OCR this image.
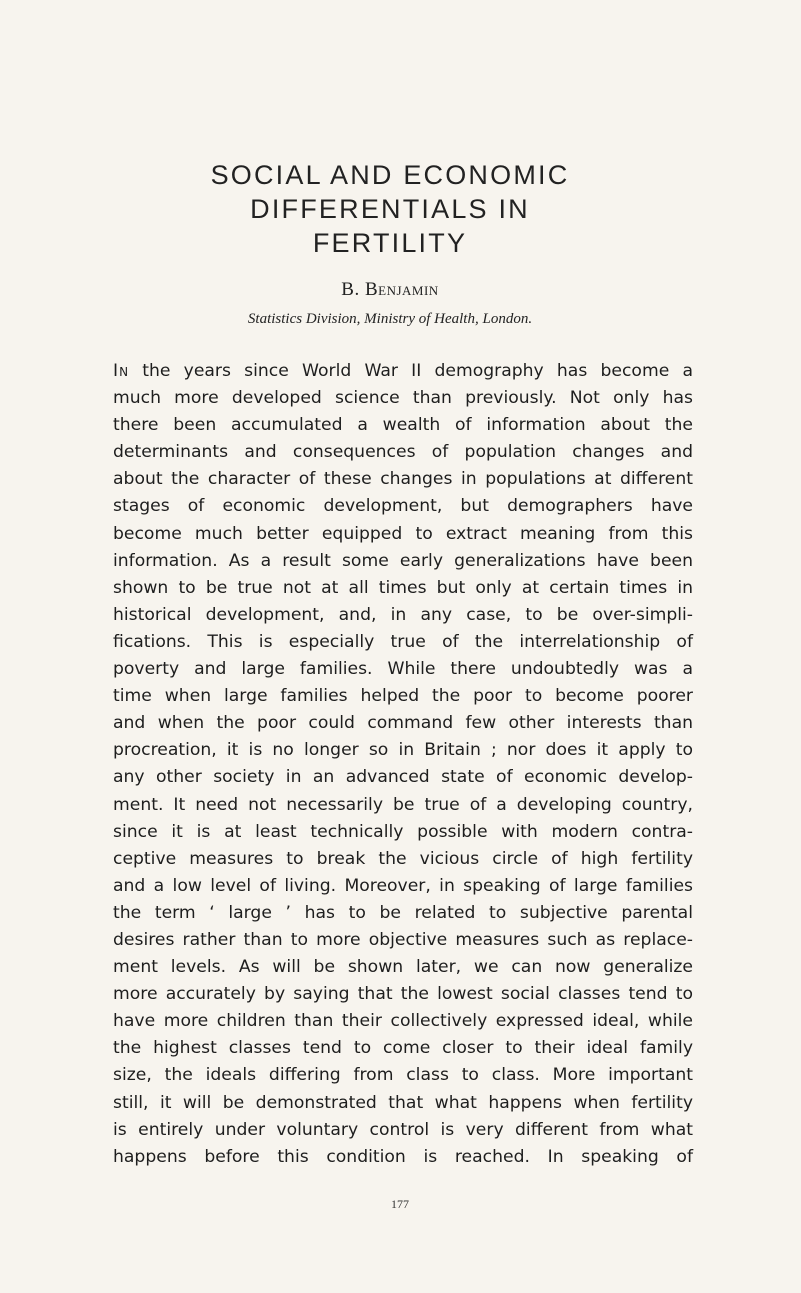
SOCIAL AND ECONOMIC
DIFFERENTIALS IN
FERTILITY
B. Benjamin
Statistics Division, Ministry of Health, London.
In the years since World War II demography has become a
much more developed science than previously. Not only has
there been accumulated a wealth of information about the
determinants and consequences of population changes and
about the character of these changes in populations at different
stages of economic development, but demographers have
become much better equipped to extract meaning from this
information. As a result some early generalizations have been
shown to be true not at all times but only at certain times in
historical development, and, in any case, to be over-simpli-
fications. This is especially true of the interrelationship of
poverty and large families. While there undoubtedly was a
time when large families helped the poor to become poorer
and when the poor could command few other interests than
procreation, it is no longer so in Britain ; nor does it apply to
any other society in an advanced state of economic develop-
ment. It need not necessarily be true of a developing country,
since it is at least technically possible with modern contra-
ceptive measures to break the vicious circle of high fertility
and a low level of living. Moreover, in speaking of large families
the term ‘ large ’ has to be related to subjective parental
desires rather than to more objective measures such as replace-
ment levels. As will be shown later, we can now generalize
more accurately by saying that the lowest social classes tend to
have more children than their collectively expressed ideal, while
the highest classes tend to come closer to their ideal family
size, the ideals differing from class to class. More important
still, it will be demonstrated that what happens when fertility
is entirely under voluntary control is very different from what
happens before this condition is reached. In speaking of
177
